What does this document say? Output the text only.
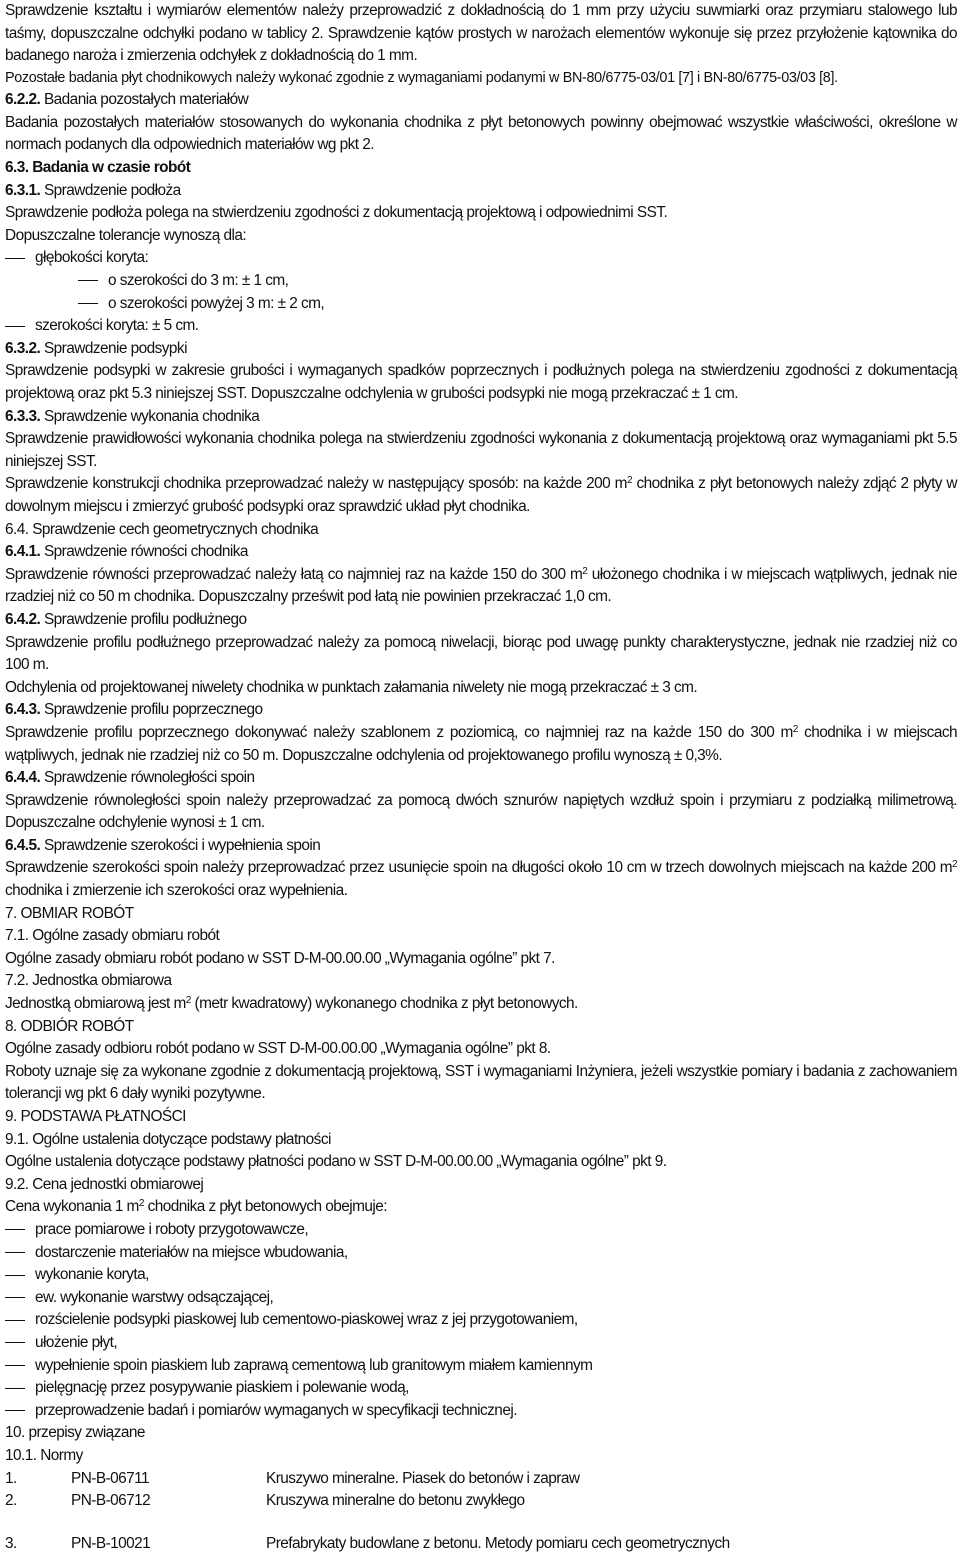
Sprawdzenie kształtu i wymiarów elementów należy przeprowadzić z dokładnością do 1 mm przy użyciu suwmiarki oraz przymiaru stalowego lub taśmy, dopuszczalne odchyłki podano w tablicy 2. Sprawdzenie kątów prostych w narożach elementów wykonuje się przez przyłożenie kątownika do badanego naroża i zmierzenia odchyłek z dokładnością do 1 mm.
Pozostałe badania płyt chodnikowych należy wykonać zgodnie z wymaganiami podanymi w BN-80/6775-03/01 [7] i BN-80/6775-03/03 [8].
6.2.2. Badania pozostałych materiałów
Badania pozostałych materiałów stosowanych do wykonania chodnika z płyt betonowych powinny obejmować wszystkie właściwości, określone w normach podanych dla odpowiednich materiałów wg pkt 2.
6.3. Badania w czasie robót
6.3.1. Sprawdzenie podłoża
Sprawdzenie podłoża polega na stwierdzeniu zgodności z dokumentacją projektową i odpowiednimi SST.
Dopuszczalne tolerancje wynoszą dla:
głębokości koryta:
o szerokości do 3 m: ± 1 cm,
o szerokości powyżej 3 m: ± 2 cm,
szerokości koryta: ± 5 cm.
6.3.2. Sprawdzenie podsypki
Sprawdzenie podsypki w zakresie grubości i wymaganych spadków poprzecznych i podłużnych polega na stwierdzeniu zgodności z dokumentacją projektową oraz pkt 5.3 niniejszej SST. Dopuszczalne odchylenia w grubości podsypki nie mogą przekraczać ± 1 cm.
6.3.3. Sprawdzenie wykonania chodnika
Sprawdzenie prawidłowości wykonania chodnika polega na stwierdzeniu zgodności wykonania z dokumentacją projektową oraz wymaganiami pkt 5.5 niniejszej SST.
Sprawdzenie konstrukcji chodnika przeprowadzać należy w następujący sposób: na każde 200 $m^2$ chodnika z płyt betonowych należy zdjąć 2 płyty w dowolnym miejscu i zmierzyć grubość podsypki oraz sprawdzić układ płyt chodnika.
6.4. Sprawdzenie cech geometrycznych chodnika
6.4.1. Sprawdzenie równości chodnika
Sprawdzenie równości przeprowadzać należy łatą co najmniej raz na każde 150 do 300 $m^2$ ułożonego chodnika i w miejscach wątpliwych, jednak nie rzadziej niż co 50 m chodnika. Dopuszczalny prześwit pod łatą nie powinien przekraczać 1,0 cm.
6.4.2. Sprawdzenie profilu podłużnego
Sprawdzenie profilu podłużnego przeprowadzać należy za pomocą niwelacji, biorąc pod uwagę punkty charakterystyczne, jednak nie rzadziej niż co 100 m.
Odchylenia od projektowanej niwelety chodnika w punktach załamania niwelety nie mogą przekraczać ± 3 cm.
6.4.3. Sprawdzenie profilu poprzecznego
Sprawdzenie profilu poprzecznego dokonywać należy szablonem z poziomicą, co najmniej raz na każde 150 do 300 $m^2$ chodnika i w miejscach wątpliwych, jednak nie rzadziej niż co 50 m. Dopuszczalne odchylenia od projektowanego profilu wynoszą ± 0,3%.
6.4.4. Sprawdzenie równoległości spoin
Sprawdzenie równoległości spoin należy przeprowadzać za pomocą dwóch sznurów napiętych wzdłuż spoin i przymiaru z podziałką milimetrową. Dopuszczalne odchylenie wynosi ± 1 cm.
6.4.5. Sprawdzenie szerokości i wypełnienia spoin
Sprawdzenie szerokości spoin należy przeprowadzać przez usunięcie spoin na długości około 10 cm w trzech dowolnych miejscach na każde 200 $m^2$ chodnika i zmierzenie ich szerokości oraz wypełnienia.
7. OBMIAR ROBÓT
7.1. Ogólne zasady obmiaru robót
Ogólne zasady obmiaru robót podano w SST D-M-00.00.00 „Wymagania ogólne” pkt 7.
7.2. Jednostka obmiarowa
Jednostką obmiarową jest $m^2$ (metr kwadratowy) wykonanego chodnika z płyt betonowych.
8. ODBIÓR ROBÓT
Ogólne zasady odbioru robót podano w SST D-M-00.00.00 „Wymagania ogólne” pkt 8.
Roboty uznaje się za wykonane zgodnie z dokumentacją projektową, SST i wymaganiami Inżyniera, jeżeli wszystkie pomiary i badania z zachowaniem tolerancji wg pkt 6 dały wyniki pozytywne.
9. PODSTAWA PŁATNOŚCI
9.1. Ogólne ustalenia dotyczące podstawy płatności
Ogólne ustalenia dotyczące podstawy płatności podano w SST D-M-00.00.00 „Wymagania ogólne” pkt 9.
9.2. Cena jednostki obmiarowej
Cena wykonania 1 $m^2$ chodnika z płyt betonowych obejmuje:
prace pomiarowe i roboty przygotowawcze,
dostarczenie materiałów na miejsce wbudowania,
wykonanie koryta,
ew. wykonanie warstwy odsączającej,
rozścielenie podsypki piaskowej lub cementowo-piaskowej wraz z jej przygotowaniem,
ułożenie płyt,
wypełnienie spoin piaskiem lub zaprawą cementową lub granitowym miałem kamiennym
pielęgnację przez posypywanie piaskiem i polewanie wodą,
przeprowadzenie badań i pomiarów wymaganych w specyfikacji technicznej.
10. przepisy związane
10.1. Normy
1.	PN-B-06711	Kruszywo mineralne. Piasek do betonów i zapraw
2.	PN-B-06712	Kruszywa mineralne do betonu zwykłego
3.	PN-B-10021	Prefabrykaty budowlane z betonu. Metody pomiaru cech geometrycznych
